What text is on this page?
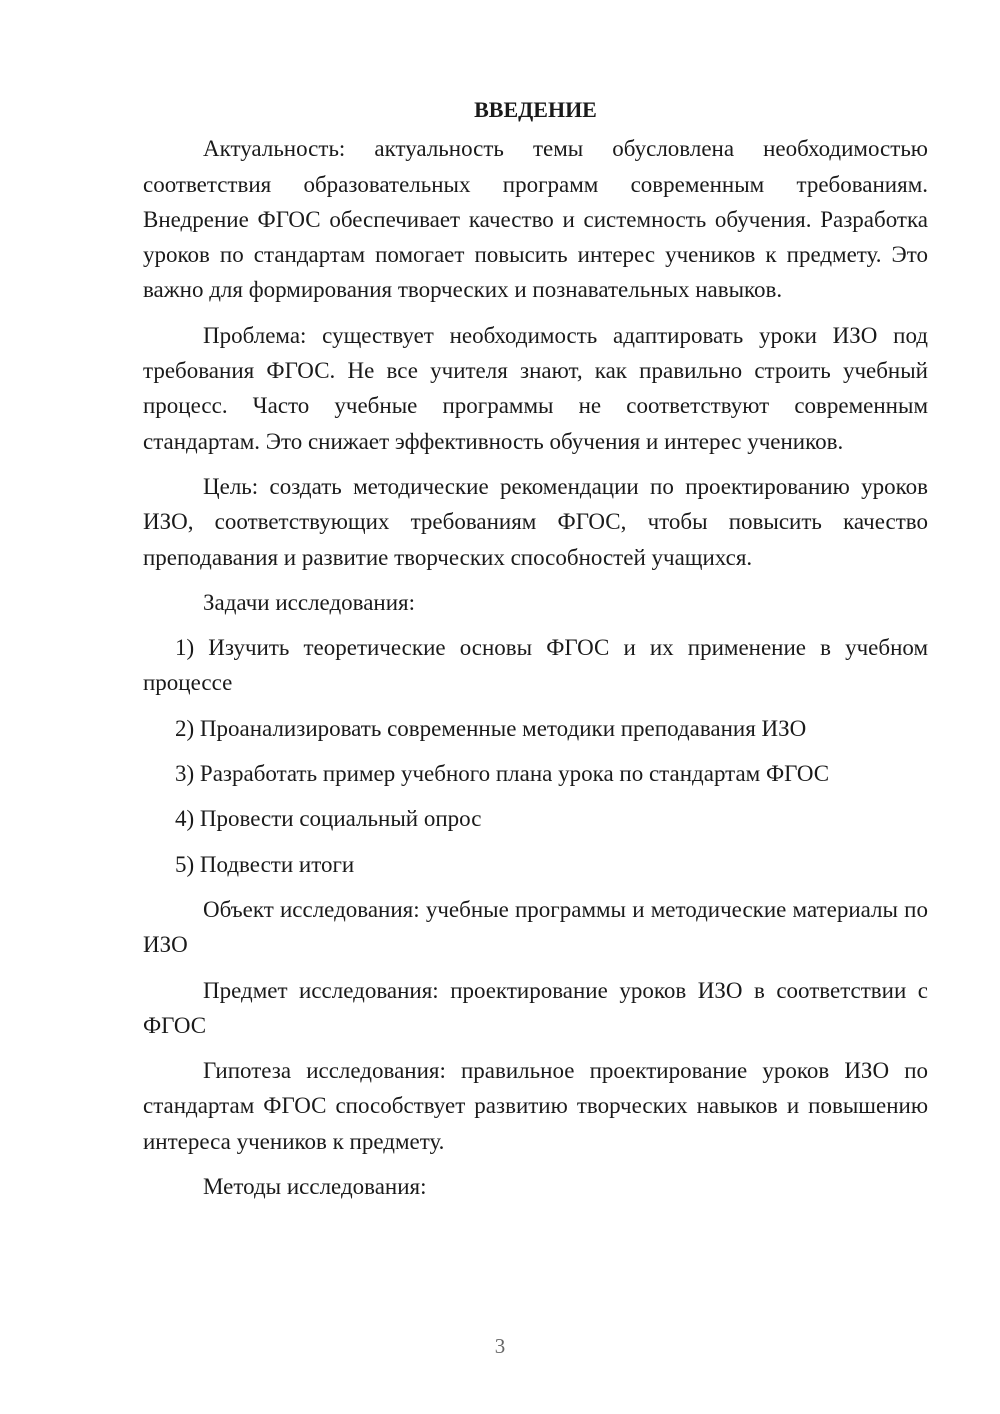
ВВЕДЕНИЕ

Актуальность: актуальность темы обусловлена необходимостью соответствия образовательных программ современным требованиям. Внедрение ФГОС обеспечивает качество и системность обучения. Разработка уроков по стандартам помогает повысить интерес учеников к предмету. Это важно для формирования творческих и познавательных навыков.

Проблема: существует необходимость адаптировать уроки ИЗО под требования ФГОС. Не все учителя знают, как правильно строить учебный процесс. Часто учебные программы не соответствуют современным стандартам. Это снижает эффективность обучения и интерес учеников.

Цель: создать методические рекомендации по проектированию уроков ИЗО, соответствующих требованиям ФГОС, чтобы повысить качество преподавания и развитие творческих способностей учащихся.

Задачи исследования:

1) Изучить теоретические основы ФГОС и их применение в учебном процессе

2) Проанализировать современные методики преподавания ИЗО

3) Разработать пример учебного плана урока по стандартам ФГОС

4) Провести социальный опрос

5) Подвести итоги

Объект исследования: учебные программы и методические материалы по ИЗО

Предмет исследования: проектирование уроков ИЗО в соответствии с ФГОС

Гипотеза исследования: правильное проектирование уроков ИЗО по стандартам ФГОС способствует развитию творческих навыков и повышению интереса учеников к предмету.

Методы исследования:

3
